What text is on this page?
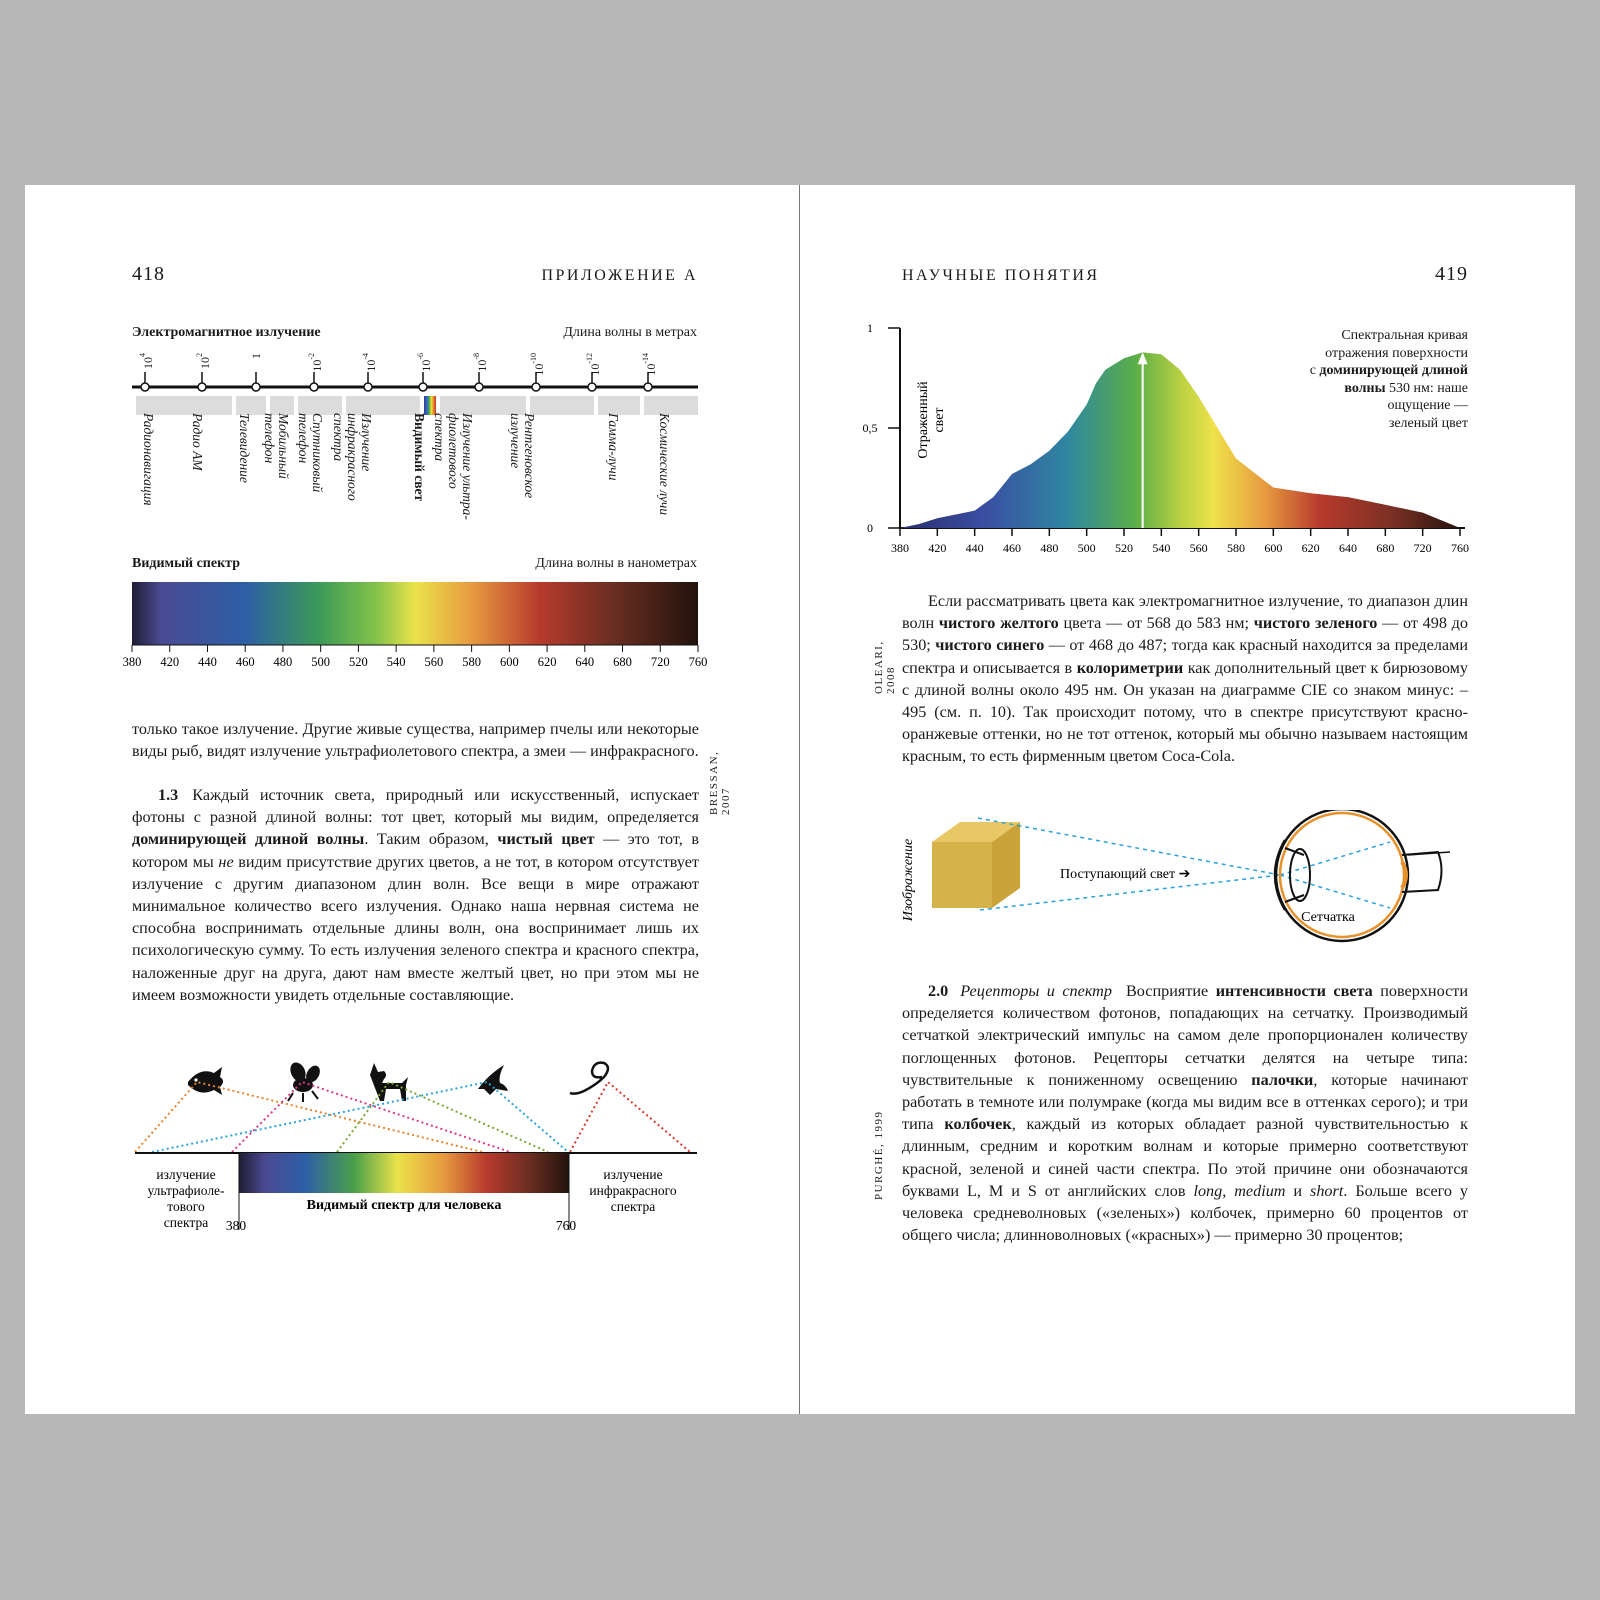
418	ПРИЛОЖЕНИЕ А
Электромагнитное излучение	Длина волны в метрах
$10^4$
$10^2$	1
$10^{-2}$
$10^{-4}$
$10^{-6}$
$10^{-8}$
$10^{-10}$
$10^{-12}$
$10^{-14}$
Радионавигация	Радио АМ Телевидение	Мобильный
телефон	Спутниковый
телефон	Излучение
инфракрасного
спектра	Видимый свет	Излучение ультра-
фиолетового
спектра	Рентгеновское
излучение	Гамма-лучи	Космические лучи
Видимый спектр	Длина волны в нанометрах
380 420 440 460 480 500 520 540 560 580 600 620 640 680 720 760
BRESSAN, 2007
только такое излучение. Другие живые существа, например пчелы или некоторые виды рыб, видят излучение ультрафиолетового спектра, а змеи — инфракрасного.
1.3 Каждый источник света, природный или искусственный, испускает фотоны с разной длиной волны: тот цвет, который мы видим, определяется доминирующей длиной волны. Таким образом, чистый цвет — это тот, в котором мы не видим присутствие других цветов, а не тот, в котором отсутствует излучение с другим диапазоном длин волн. Все вещи в мире отражают минимальное количество всего излучения. Однако наша нервная система не способна воспринимать отдельные длины волн, она воспринимает лишь их психологическую сумму. То есть излучения зеленого спектра и красного спектра, наложенные друг на друга, дают нам вместе желтый цвет, но при этом мы не имеем возможности увидеть отдельные составляющие.
излучение ультрафиоле-тового спектра
излучение инфракрасного спектра
Видимый спектр для человека
380	760
НАУЧНЫЕ ПОНЯТИЯ	419
0
0,5
1
380 420 440 460 480 500 520 540 560 580 600 620 640 680 720 760
Отраженныйсвет
Спектральная кривая
отражения поверхности
с доминирующей длиной
волны 530 нм: наше
ощущение —
зеленый цвет
OLEARI, 2008
Если рассматривать цвета как электромагнитное излучение, то диапазон длин волн чистого желтого цвета — от 568 до 583 нм; чистого зеленого — от 498 до 530; чистого синего — от 468 до 487; тогда как красный находится за пределами спектра и описывается в колориметрии как дополнительный цвет к бирюзовому с длиной волны около 495 нм. Он указан на диаграмме CIE со знаком минус: –495 (см. п. 10). Так происходит потому, что в спектре присутствуют красно-оранжевые оттенки, но не тот оттенок, который мы обычно называем настоящим красным, то есть фирменным цветом Coca-Cola.
Изображение	Поступающий свет ➔
Сетчатка
PURGHÉ, 1999
2.0 Рецепторы и спектр Восприятие интенсивности света поверхности определяется количеством фотонов, попадающих на сетчатку. Производимый сетчаткой электрический импульс на самом деле пропорционален количеству поглощенных фотонов. Рецепторы сетчатки делятся на четыре типа: чувствительные к пониженному освещению палочки, которые начинают работать в темноте или полумраке (когда мы видим все в оттенках серого); и три типа колбочек, каждый из которых обладает разной чувствительностью к длинным, средним и коротким волнам и которые примерно соответствуют красной, зеленой и синей части спектра. По этой причине они обозначаются буквами L, M и S от английских слов long, medium и short. Больше всего у человека средневолновых («зеленых») колбочек, примерно 60 процентов от общего числа; длинноволновых («красных») — примерно 30 процентов;
